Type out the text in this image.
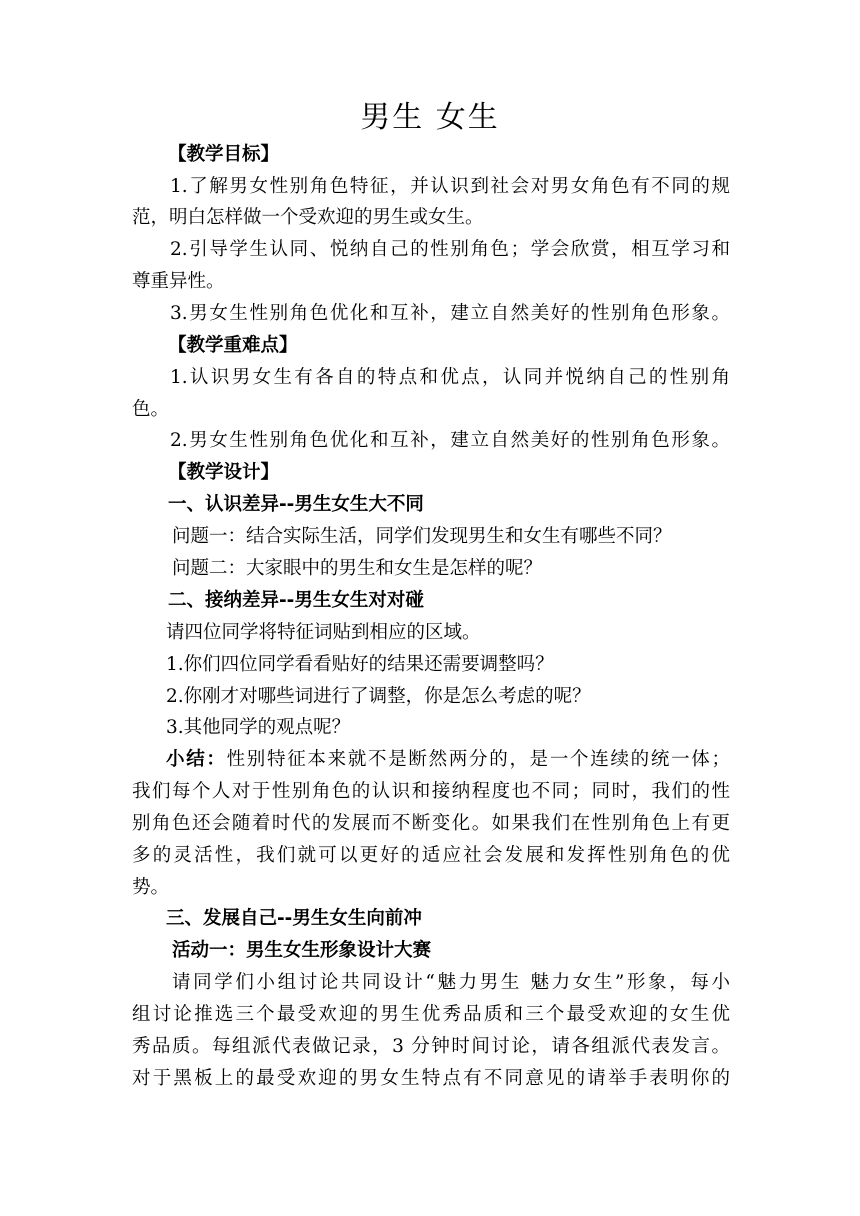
男生 女生
【教学目标】
1.了解男女性别角色特征，并认识到社会对男女角色有不同的规
范，明白怎样做一个受欢迎的男生或女生。
2.引导学生认同、悦纳自己的性别角色；学会欣赏，相互学习和
尊重异性。
3.男女生性别角色优化和互补，建立自然美好的性别角色形象。
【教学重难点】
1.认识男女生有各自的特点和优点，认同并悦纳自己的性别角
色。
2.男女生性别角色优化和互补，建立自然美好的性别角色形象。
【教学设计】
一、认识差异--男生女生大不同
问题一：结合实际生活，同学们发现男生和女生有哪些不同？
问题二：大家眼中的男生和女生是怎样的呢？
二、接纳差异--男生女生对对碰
请四位同学将特征词贴到相应的区域。
1.你们四位同学看看贴好的结果还需要调整吗？
2.你刚才对哪些词进行了调整，你是怎么考虑的呢？
3.其他同学的观点呢？
小结：性别特征本来就不是断然两分的，是一个连续的统一体；
我们每个人对于性别角色的认识和接纳程度也不同；同时，我们的性
别角色还会随着时代的发展而不断变化。如果我们在性别角色上有更
多的灵活性，我们就可以更好的适应社会发展和发挥性别角色的优
势。
三、发展自己--男生女生向前冲
活动一：男生女生形象设计大赛
请同学们小组讨论共同设计“魅力男生 魅力女生”形象，每小
组讨论推选三个最受欢迎的男生优秀品质和三个最受欢迎的女生优
秀品质。每组派代表做记录，3 分钟时间讨论，请各组派代表发言。
对于黑板上的最受欢迎的男女生特点有不同意见的请举手表明你的
